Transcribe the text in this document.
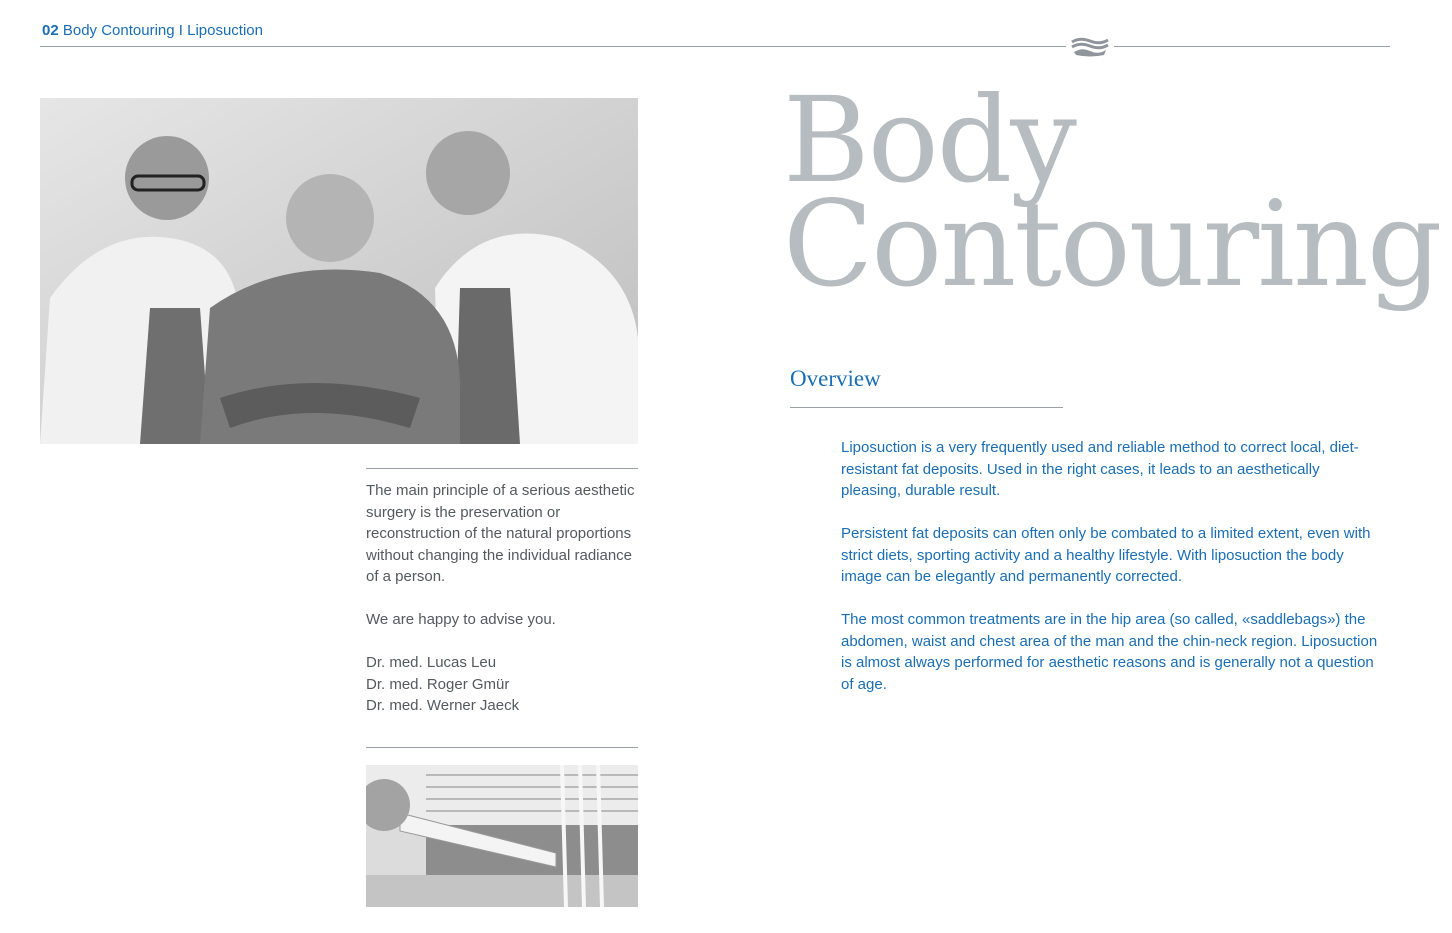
02 Body Contouring I Liposuction

The main principle of a serious aesthetic surgery is the preservation or reconstruction of the natural proportions without changing the individual radiance of a person.

We are happy to advise you.

Dr. med. Lucas Leu
Dr. med. Roger Gmür
Dr. med. Werner Jaeck
Body
Contouring
Overview

Liposuction is a very frequently used and reliable method to correct local, diet-resistant fat deposits. Used in the right cases, it leads to an aesthetically pleasing, durable result.

Persistent fat deposits can often only be combated to a limited extent, even with strict diets, sporting activity and a healthy lifestyle. With liposuction the body image can be elegantly and permanently corrected.

The most common treatments are in the hip area (so called, «saddlebags») the abdomen, waist and chest area of the man and the chin-neck region. Liposuction is almost always performed for aesthetic reasons and is generally not a question of age.
